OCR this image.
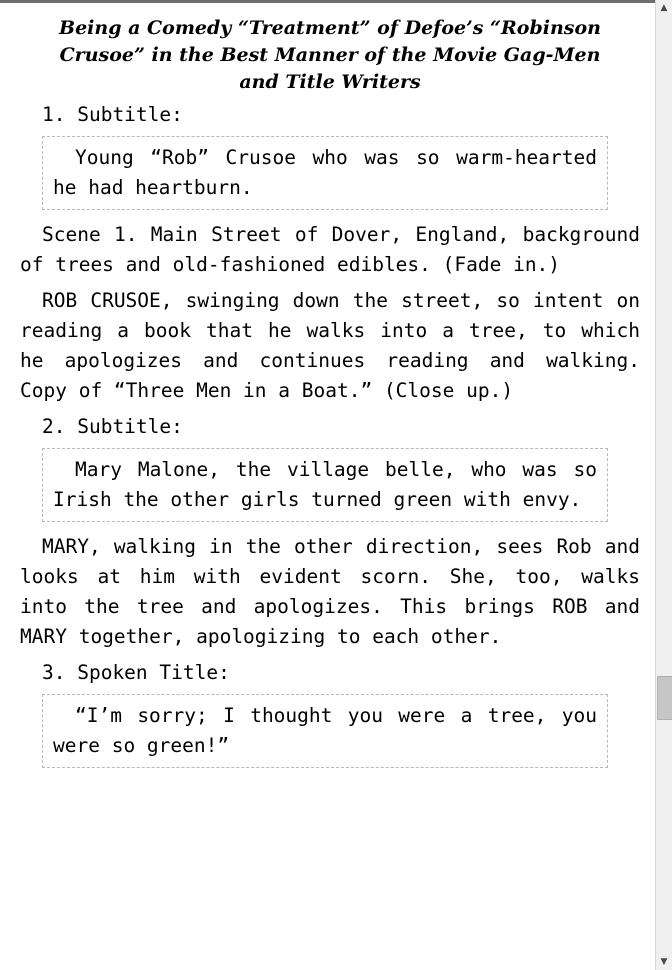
Being a Comedy “Treatment” of Defoe’s “Robinson Crusoe” in the Best Manner of the Movie Gag-Men and Title Writers
1. Subtitle:

Young “Rob” Crusoe who was so warm-hearted he had heartburn.

Scene 1. Main Street of Dover, England, background of trees and old-fashioned edibles. (Fade in.)

ROB CRUSOE, swinging down the street, so intent on reading a book that he walks into a tree, to which he apologizes and continues reading and walking. Copy of “Three Men in a Boat.” (Close up.)

2. Subtitle:

Mary Malone, the village belle, who was so Irish the other girls turned green with envy.

MARY, walking in the other direction, sees Rob and looks at him with evident scorn. She, too, walks into the tree and apologizes. This brings ROB and MARY together, apologizing to each other.

3. Spoken Title:

“I’m sorry; I thought you were a tree, you were so green!”

▲
▼
